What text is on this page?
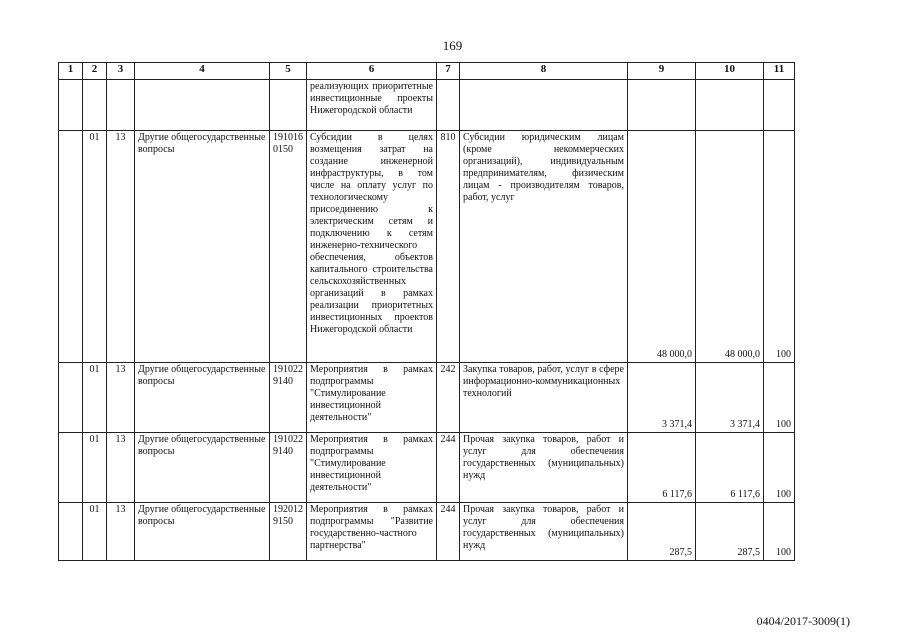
169
1	2	3	4	5	6	7	8	9	10	11
					реализующих приоритетные инвестиционные проекты Нижегородской области					
	01	13	Другие общегосударственные вопросы	191016 0150	Субсидии в целях возмещения затрат на создание инженерной инфраструктуры, в том числе на оплату услуг по технологическому присоединению к электрическим сетям и подключению к сетям инженерно-технического обеспечения, объектов капитального строительства сельскохозяйственных организаций в рамках реализации приоритетных инвестиционных проектов Нижегородской области	810	Субсидии юридическим лицам (кроме некоммерческих организаций), индивидуальным предпринимателям, физическим лицам - производителям товаров, работ, услуг	48 000,0	48 000,0	100
	01	13	Другие общегосударственные вопросы	191022 9140	Мероприятия в рамках подпрограммы "Стимулирование инвестиционной деятельности"	242	Закупка товаров, работ, услуг в сфере информационно-коммуникационных технологий	3 371,4	3 371,4	100
	01	13	Другие общегосударственные вопросы	191022 9140	Мероприятия в рамках подпрограммы "Стимулирование инвестиционной деятельности"	244	Прочая закупка товаров, работ и услуг для обеспечения государственных (муниципальных) нужд	6 117,6	6 117,6	100
	01	13	Другие общегосударственные вопросы	192012 9150	Мероприятия в рамках подпрограммы "Развитие государственно-частного партнерства"	244	Прочая закупка товаров, работ и услуг для обеспечения государственных (муниципальных) нужд	287,5	287,5	100
0404/2017-3009(1)
